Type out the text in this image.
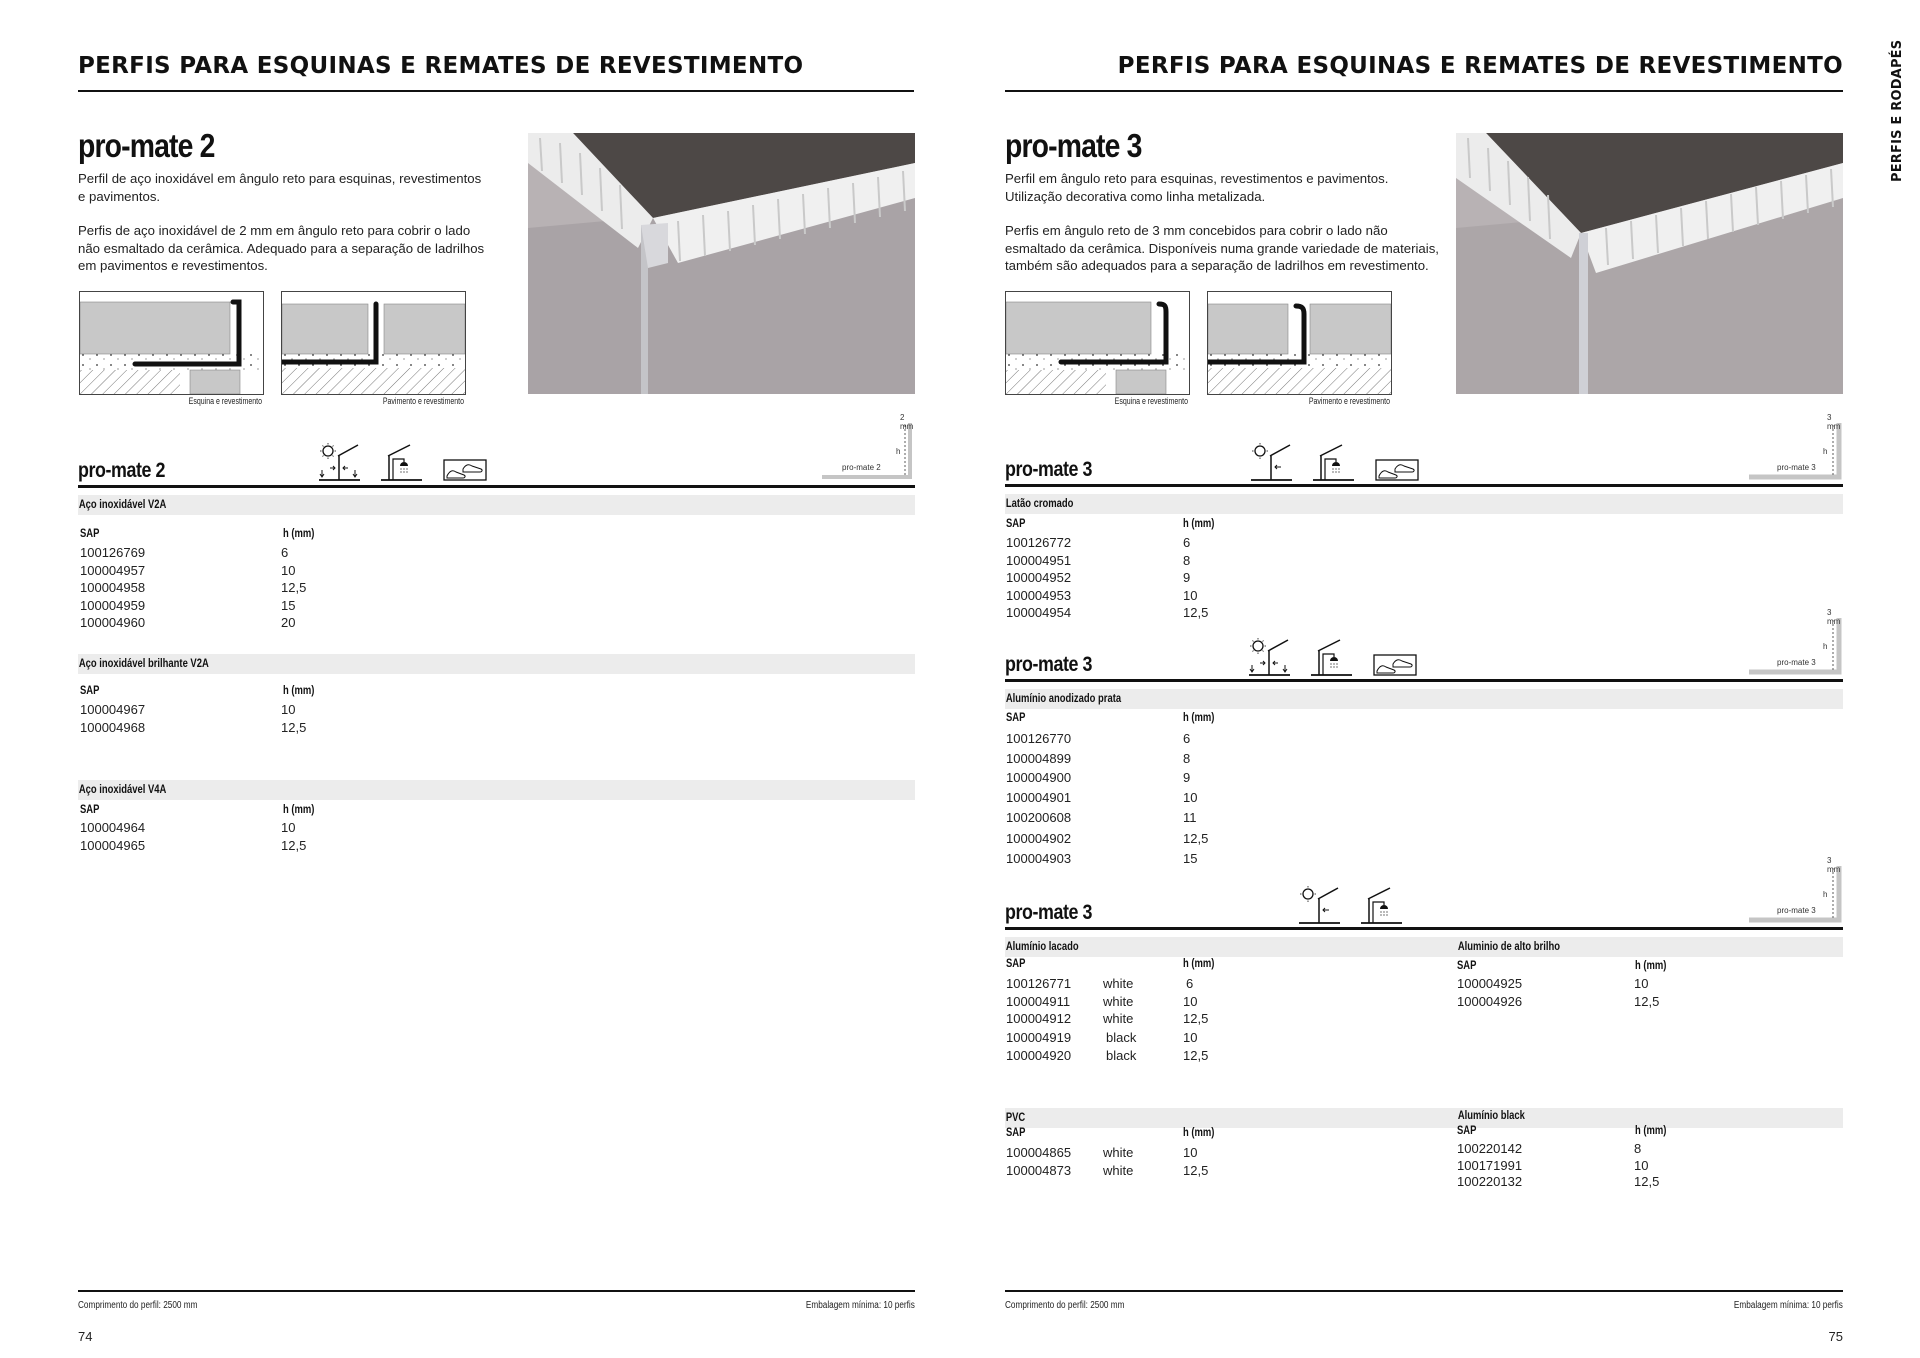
PERFIS PARA ESQUINAS E REMATES DE REVESTIMENTO
pro-mate 2

Perfil de aço inoxidável em ângulo reto para esquinas, revestimentos e pavimentos.

Perfis de aço inoxidável de 2 mm em ângulo reto para cobrir o lado não esmaltado da cerâmica. Adequado para a separação de ladrilhos em pavimentos e revestimentos.

Esquina e revestimento	Pavimento e revestimento
pro-mate 2

2 mm
h
pro-mate 2
Aço inoxidável V2A
SAP	h (mm)
100126769	6
100004957	10
100004958	12,5
100004959	15
100004960	20
Aço inoxidável brilhante V2A
SAP	h (mm)
100004967	10
100004968	12,5
Aço inoxidável V4A
SAP	h (mm)
100004964	10
100004965	12,5
Comprimento do perfil: 2500 mm	Embalagem mínima: 10 perfis
74
PERFIS PARA ESQUINAS E REMATES DE REVESTIMENTO	PERFIS E RODAPÉS
pro-mate 3

Perfil em ângulo reto para esquinas, revestimentos e pavimentos. Utilização decorativa como linha metalizada.

Perfis em ângulo reto de 3 mm concebidos para cobrir o lado não esmaltado da cerâmica. Disponíveis numa grande variedade de materiais, também são adequados para a separação de ladrilhos em revestimento.

Esquina e revestimento	Pavimento e revestimento
pro-mate 3

3 mm
h
pro-mate 3
Latão cromado
SAP	h (mm)
100126772	6
100004951	8
100004952	9
100004953	10
100004954	12,5
pro-mate 3

3 mm
h
pro-mate 3
Alumínio anodizado prata
SAP	h (mm)
100126770	6
100004899	8
100004900	9
100004901	10
100200608	11
100004902	12,5
100004903	15
pro-mate 3

3 mm
h
pro-mate 3
Alumínio lacado	Aluminio de alto brilho
SAP	h (mm)
100126771 white	6
100004911	white	10
100004912 white	12,5
100004919	black	10
100004920	black	12,5
SAP	h (mm)
100004925	10
100004926	12,5
PVC	Alumínio black
SAP	h (mm)
100004865 white	10
100004873 white	12,5
SAP	h (mm)
100220142	8
100171991	10
100220132	12,5
Comprimento do perfil: 2500 mm	Embalagem mínima: 10 perfis
75
